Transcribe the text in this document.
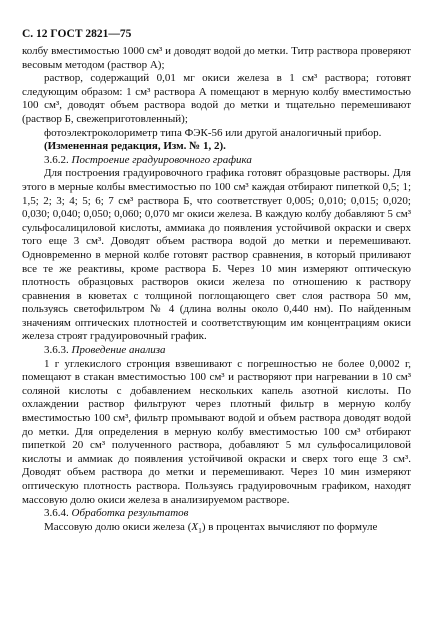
С. 12 ГОСТ 2821—75

колбу вместимостью 1000 см³ и доводят водой до метки. Титр раствора проверяют весовым методом (раствор А);

раствор, содержащий 0,01 мг окиси железа в 1 см³ раствора; готовят следующим образом: 1 см³ раствора А помещают в мерную колбу вместимостью 100 см³, доводят объем раствора водой до метки и тщательно перемешивают (раствор Б, свежеприготовленный);

фотоэлектроколориметр типа ФЭК-56 или другой аналогичный прибор.

(Измененная редакция, Изм. № 1, 2).

3.6.2. Построение градуировочного графика

Для построения градуировочного графика готовят образцовые растворы. Для этого в мерные колбы вместимостью по 100 см³ каждая отбирают пипеткой 0,5; 1; 1,5; 2; 3; 4; 5; 6; 7 см³ раствора Б, что соответствует 0,005; 0,010; 0,015; 0,020; 0,030; 0,040; 0,050; 0,060; 0,070 мг окиси железа. В каждую колбу добавляют 5 см³ сульфосалициловой кислоты, аммиака до появления устойчивой окраски и сверх того еще 3 см³. Доводят объем раствора водой до метки и перемешивают. Одновременно в мерной колбе готовят раствор сравнения, в который приливают все те же реактивы, кроме раствора Б. Через 10 мин измеряют оптическую плотность образцовых растворов окиси железа по отношению к раствору сравнения в кюветах с толщиной поглощающего свет слоя раствора 50 мм, пользуясь светофильтром № 4 (длина волны около 0,440 нм). По найденным значениям оптических плотностей и соответствующим им концентрациям окиси железа строят градуировочный график.

3.6.3. Проведение анализа

1 г углекислого стронция взвешивают с погрешностью не более 0,0002 г, помещают в стакан вместимостью 100 см³ и растворяют при нагревании в 10 см³ соляной кислоты с добавлением нескольких капель азотной кислоты. По охлаждении раствор фильтруют через плотный фильтр в мерную колбу вместимостью 100 см³, фильтр промывают водой и объем раствора доводят водой до метки. Для определения в мерную колбу вместимостью 100 см³ отбирают пипеткой 20 см³ полученного раствора, добавляют 5 мл сульфосалициловой кислоты и аммиак до появления устойчивой окраски и сверх того еще 3 см³. Доводят объем раствора до метки и перемешивают. Через 10 мин измеряют оптическую плотность раствора. Пользуясь градуировочным графиком, находят массовую долю окиси железа в анализируемом растворе.

3.6.4. Обработка результатов

Массовую долю окиси железа $(X_1)$ в процентах вычисляют по формуле
